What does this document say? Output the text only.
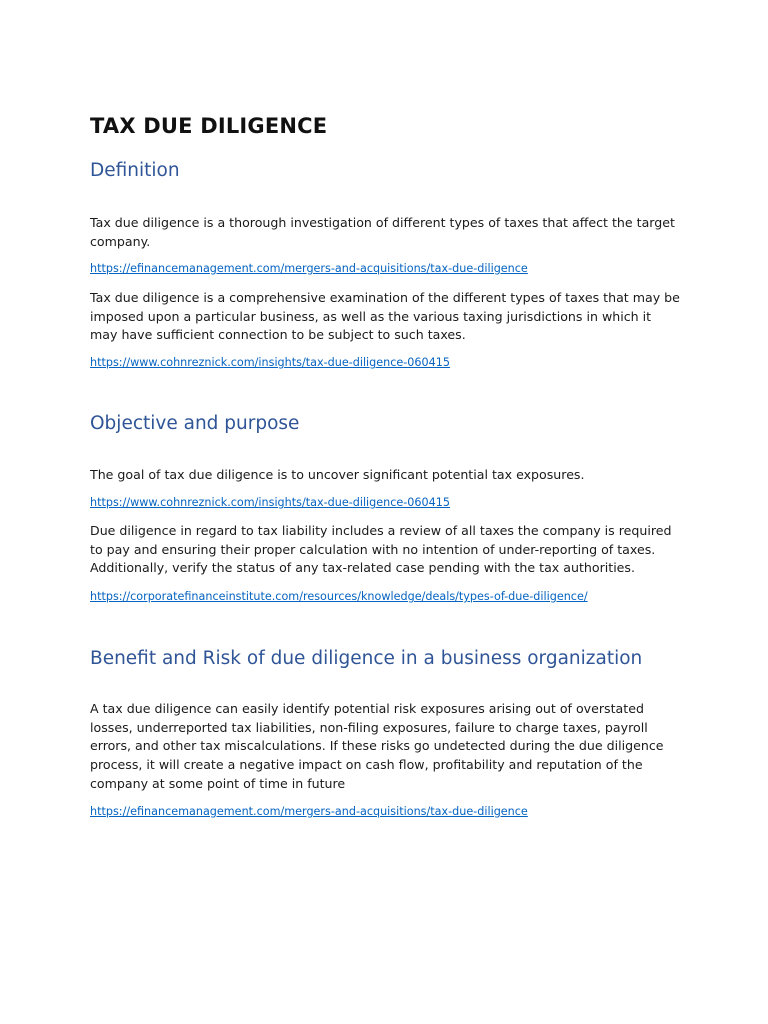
TAX DUE DILIGENCE
Definition

Tax due diligence is a thorough investigation of different types of taxes that affect the target company.

https://efinancemanagement.com/mergers-and-acquisitions/tax-due-diligence

Tax due diligence is a comprehensive examination of the different types of taxes that may be imposed upon a particular business, as well as the various taxing jurisdictions in which it may have sufficient connection to be subject to such taxes.

https://www.cohnreznick.com/insights/tax-due-diligence-060415
Objective and purpose

The goal of tax due diligence is to uncover significant potential tax exposures.

https://www.cohnreznick.com/insights/tax-due-diligence-060415

Due diligence in regard to tax liability includes a review of all taxes the company is required to pay and ensuring their proper calculation with no intention of under-reporting of taxes. Additionally, verify the status of any tax-related case pending with the tax authorities.

https://corporatefinanceinstitute.com/resources/knowledge/deals/types-of-due-diligence/
Benefit and Risk of due diligence in a business organization

A tax due diligence can easily identify potential risk exposures arising out of overstated losses, underreported tax liabilities, non-filing exposures, failure to charge taxes, payroll errors, and other tax miscalculations. If these risks go undetected during the due diligence process, it will create a negative impact on cash flow, profitability and reputation of the company at some point of time in future

https://efinancemanagement.com/mergers-and-acquisitions/tax-due-diligence
